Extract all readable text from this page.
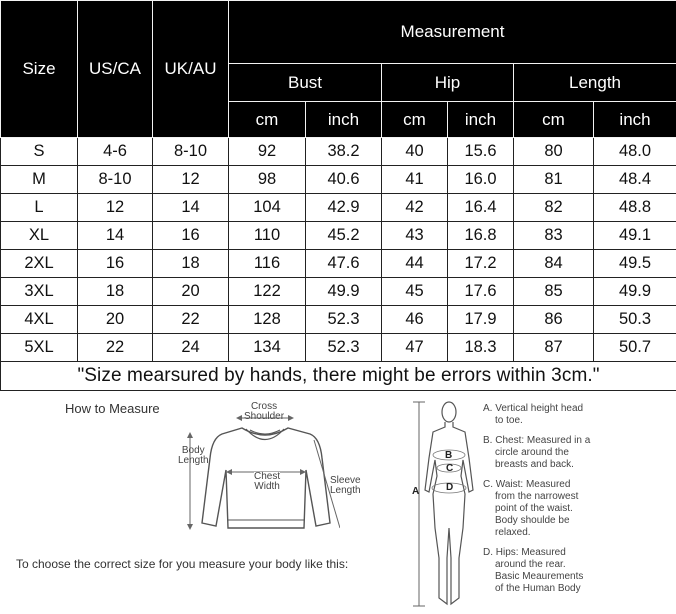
Size	US/CA	UK/AU	Measurement					
			Bust		Hip		Length	
			cm	inch	cm	inch	cm	inch
S	4-6	8-10	92	38.2	40	15.6	80	48.0
M	8-10	12	98	40.6	41	16.0	81	48.4
L	12	14	104	42.9	42	16.4	82	48.8
XL	14	16	110	45.2	43	16.8	83	49.1
2XL	16	18	116	47.6	44	17.2	84	49.5
3XL	18	20	122	49.9	45	17.6	85	49.9
4XL	20	22	128	52.3	46	17.9	86	50.3
5XL	22	24	134	52.3	47	18.3	87	50.7
"Size mearsured by hands, there might be errors within 3cm."								
How to Measure	Cross
Shoulder
Body
Length
Chest
Width
Sleeve
Length
To choose the correct size for you measure your body like this:
A
B
C
D
A. Vertical height head
to toe.
B. Chest: Measured in a
circle around the
breasts and back.
C. Waist: Measured
from the narrowest
point of the waist.
Body shoulde be
relaxed.
D. Hips: Measured
around the rear.
Basic Meaurements
of the Human Body
